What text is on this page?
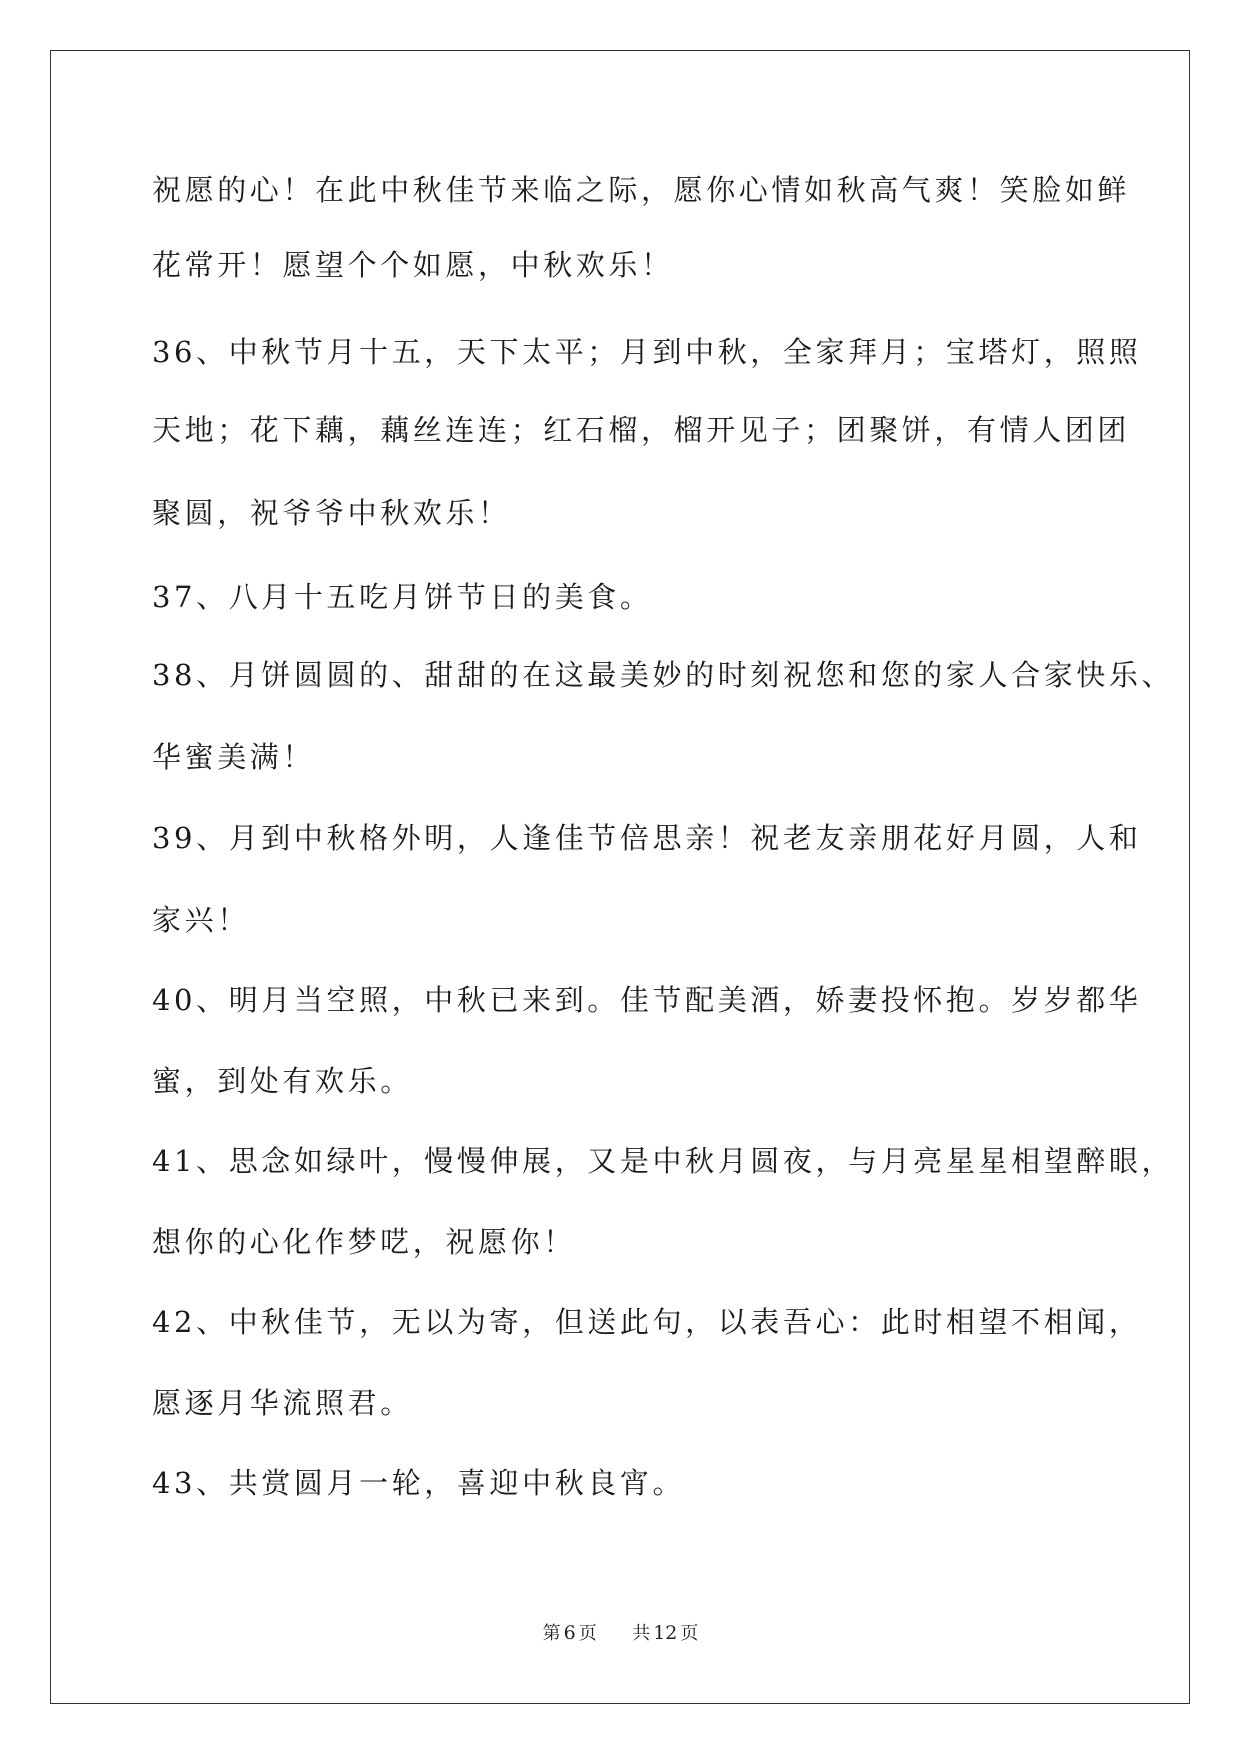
祝愿的心！在此中秋佳节来临之际，愿你心情如秋高气爽！笑脸如鲜
花常开！愿望个个如愿，中秋欢乐！
36、中秋节月十五，天下太平；月到中秋，全家拜月；宝塔灯，照照
天地；花下藕，藕丝连连；红石榴，榴开见子；团聚饼，有情人团团
聚圆，祝爷爷中秋欢乐！
37、八月十五吃月饼节日的美食。
38、月饼圆圆的、甜甜的在这最美妙的时刻祝您和您的家人合家快乐、
华蜜美满！
39、月到中秋格外明，人逢佳节倍思亲！祝老友亲朋花好月圆，人和
家兴！
40、明月当空照，中秋已来到。佳节配美酒，娇妻投怀抱。岁岁都华
蜜，到处有欢乐。
41、思念如绿叶，慢慢伸展，又是中秋月圆夜，与月亮星星相望醉眼，
想你的心化作梦呓，祝愿你！
42、中秋佳节，无以为寄，但送此句，以表吾心：此时相望不相闻，
愿逐月华流照君。
43、共赏圆月一轮，喜迎中秋良宵。
第 6 页 共 12 页
